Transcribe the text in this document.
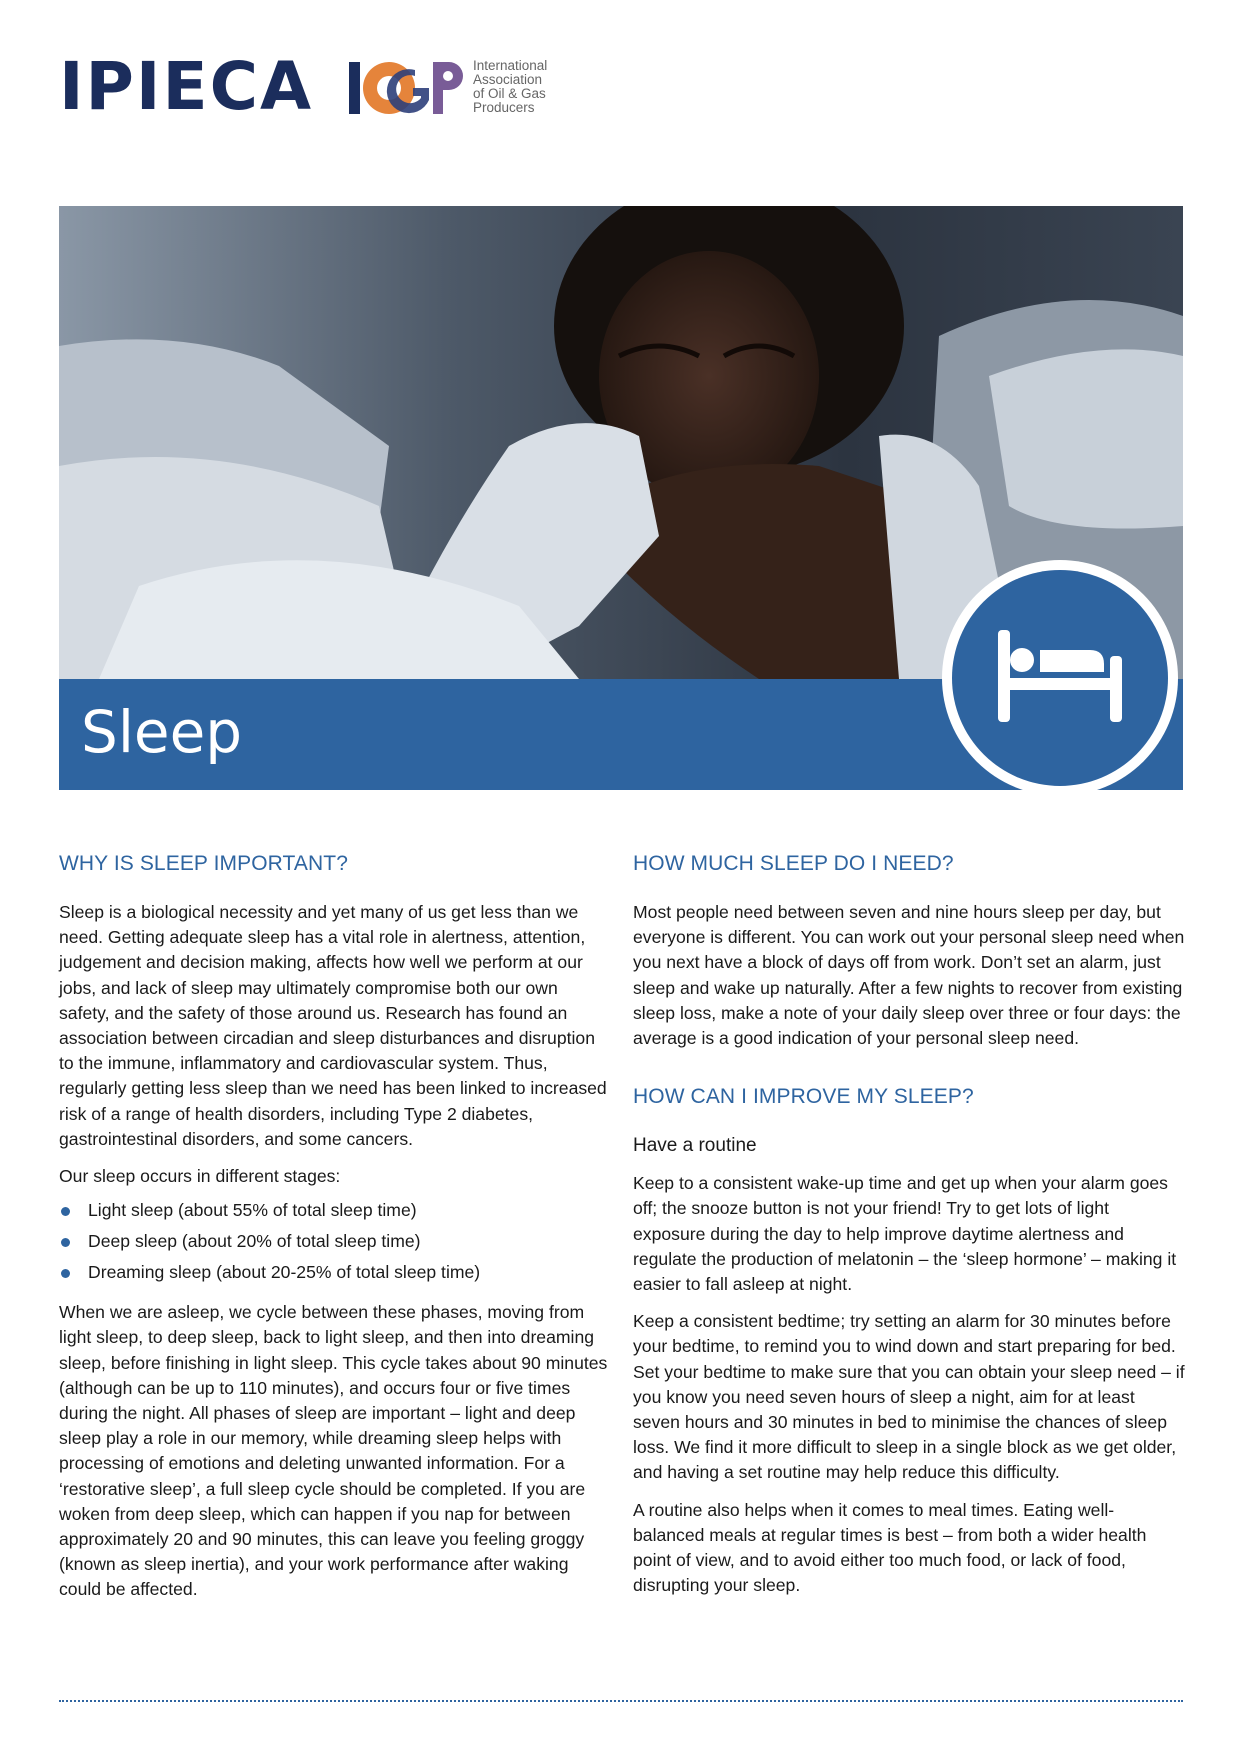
IPIECA	International
Association
of Oil & Gas
Producers
Sleep
WHY IS SLEEP IMPORTANT?

Sleep is a biological necessity and yet many of us get less than we need. Getting adequate sleep has a vital role in alertness, attention, judgement and decision making, affects how well we perform at our jobs, and lack of sleep may ultimately compromise both our own safety, and the safety of those around us. Research has found an association between circadian and sleep disturbances and disruption to the immune, inflammatory and cardiovascular system. Thus, regularly getting less sleep than we need has been linked to increased risk of a range of health disorders, including Type 2 diabetes, gastrointestinal disorders, and some cancers.

Our sleep occurs in different stages:

Light sleep (about 55% of total sleep time)
Deep sleep (about 20% of total sleep time)
Dreaming sleep (about 20-25% of total sleep time)

When we are asleep, we cycle between these phases, moving from light sleep, to deep sleep, back to light sleep, and then into dreaming sleep, before finishing in light sleep. This cycle takes about 90 minutes (although can be up to 110 minutes), and occurs four or five times during the night. All phases of sleep are important – light and deep sleep play a role in our memory, while dreaming sleep helps with processing of emotions and deleting unwanted information. For a ‘restorative sleep’, a full sleep cycle should be completed. If you are woken from deep sleep, which can happen if you nap for between approximately 20 and 90 minutes, this can leave you feeling groggy (known as sleep inertia), and your work performance after waking could be affected.

HOW MUCH SLEEP DO I NEED?

Most people need between seven and nine hours sleep per day, but everyone is different. You can work out your personal sleep need when you next have a block of days off from work. Don’t set an alarm, just sleep and wake up naturally. After a few nights to recover from existing sleep loss, make a note of your daily sleep over three or four days: the average is a good indication of your personal sleep need.

HOW CAN I IMPROVE MY SLEEP?
Have a routine

Keep to a consistent wake-up time and get up when your alarm goes off; the snooze button is not your friend! Try to get lots of light exposure during the day to help improve daytime alertness and regulate the production of melatonin – the ‘sleep hormone’ – making it easier to fall asleep at night.

Keep a consistent bedtime; try setting an alarm for 30 minutes before your bedtime, to remind you to wind down and start preparing for bed. Set your bedtime to make sure that you can obtain your sleep need – if you know you need seven hours of sleep a night, aim for at least seven hours and 30 minutes in bed to minimise the chances of sleep loss. We find it more difficult to sleep in a single block as we get older, and having a set routine may help reduce this difficulty.

A routine also helps when it comes to meal times. Eating well-balanced meals at regular times is best – from both a wider health point of view, and to avoid either too much food, or lack of food, disrupting your sleep.
